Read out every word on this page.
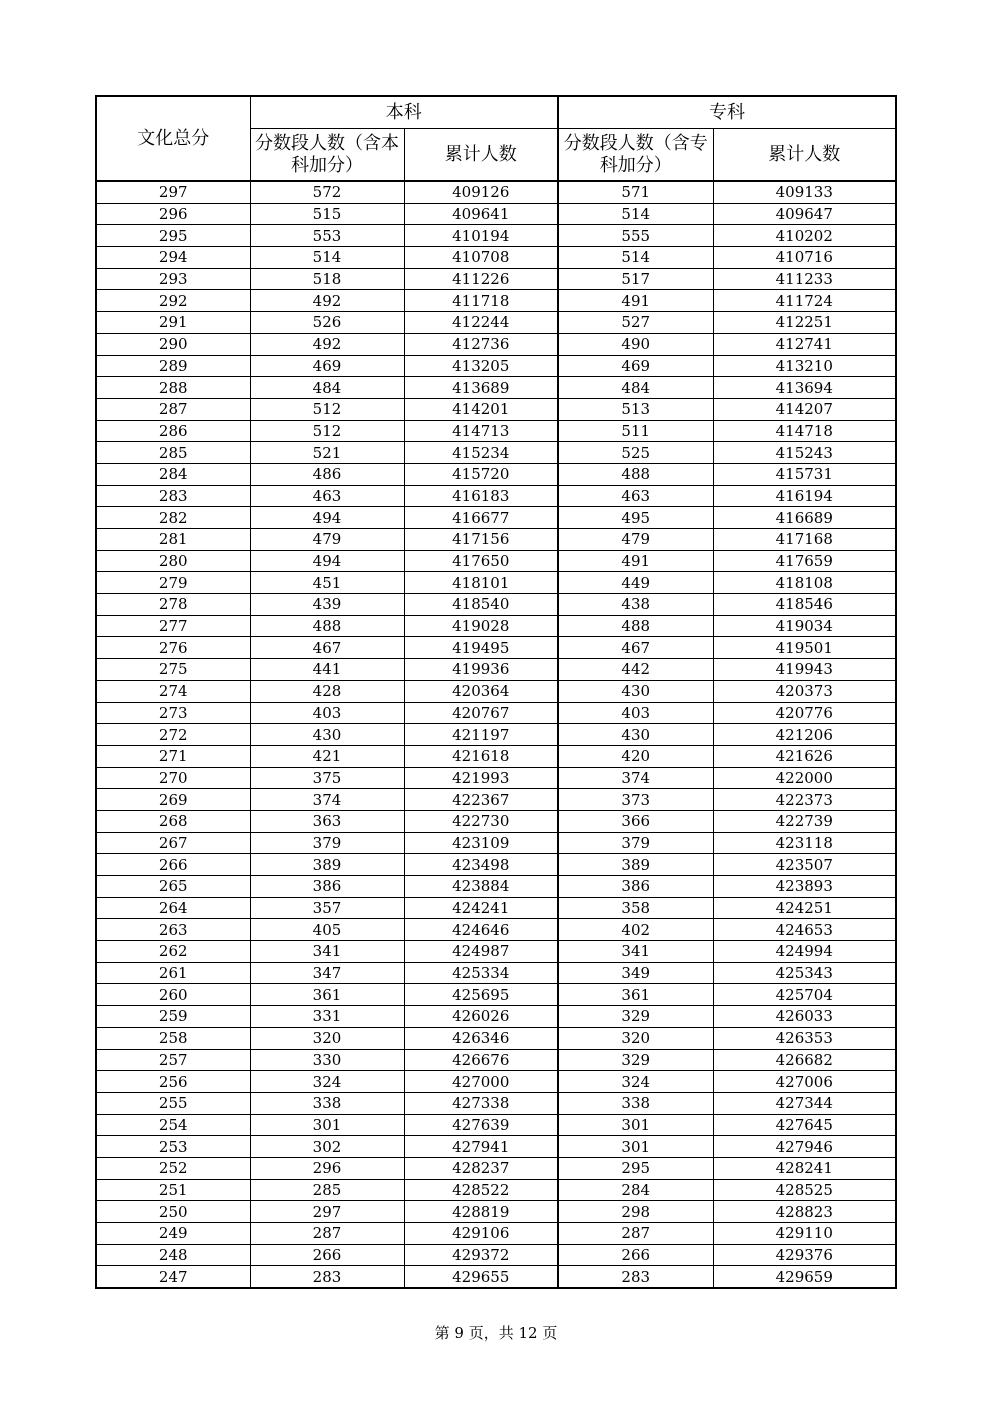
文化总分	本科		专科	
	分数段人数（含本科加分）	累计人数	分数段人数（含专科加分）	累计人数
297	572	409126	571	409133
296	515	409641	514	409647
295	553	410194	555	410202
294	514	410708	514	410716
293	518	411226	517	411233
292	492	411718	491	411724
291	526	412244	527	412251
290	492	412736	490	412741
289	469	413205	469	413210
288	484	413689	484	413694
287	512	414201	513	414207
286	512	414713	511	414718
285	521	415234	525	415243
284	486	415720	488	415731
283	463	416183	463	416194
282	494	416677	495	416689
281	479	417156	479	417168
280	494	417650	491	417659
279	451	418101	449	418108
278	439	418540	438	418546
277	488	419028	488	419034
276	467	419495	467	419501
275	441	419936	442	419943
274	428	420364	430	420373
273	403	420767	403	420776
272	430	421197	430	421206
271	421	421618	420	421626
270	375	421993	374	422000
269	374	422367	373	422373
268	363	422730	366	422739
267	379	423109	379	423118
266	389	423498	389	423507
265	386	423884	386	423893
264	357	424241	358	424251
263	405	424646	402	424653
262	341	424987	341	424994
261	347	425334	349	425343
260	361	425695	361	425704
259	331	426026	329	426033
258	320	426346	320	426353
257	330	426676	329	426682
256	324	427000	324	427006
255	338	427338	338	427344
254	301	427639	301	427645
253	302	427941	301	427946
252	296	428237	295	428241
251	285	428522	284	428525
250	297	428819	298	428823
249	287	429106	287	429110
248	266	429372	266	429376
247	283	429655	283	429659
第 9 页，共 12 页
